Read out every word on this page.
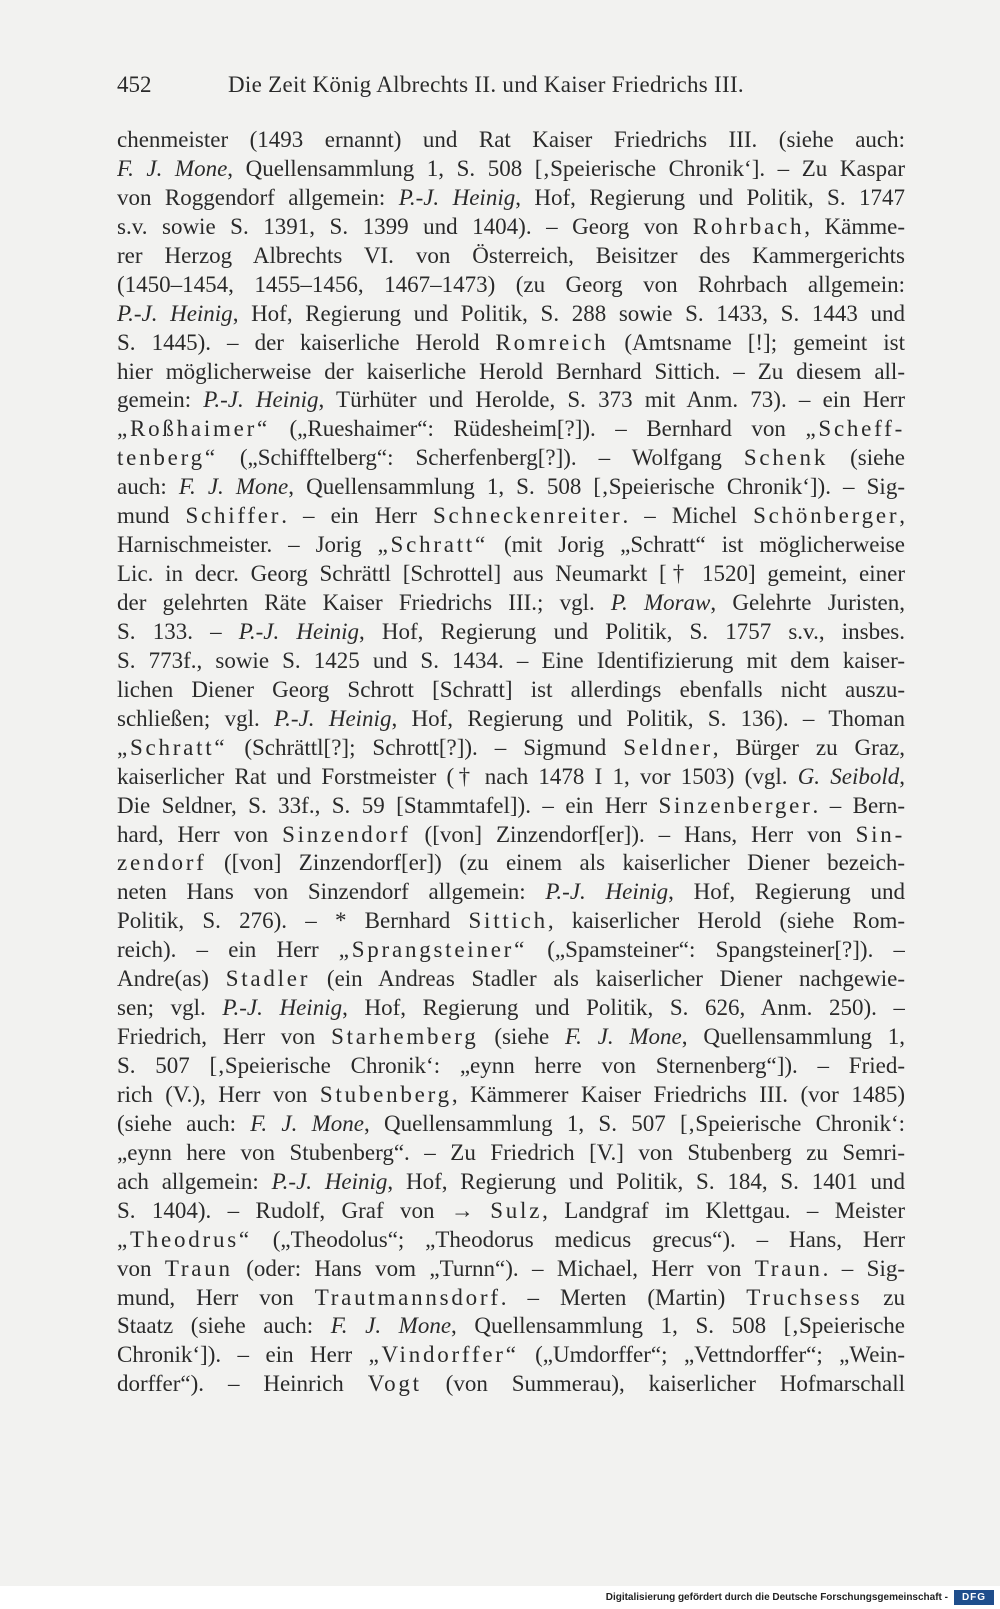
452	Die Zeit König Albrechts II. und Kaiser Friedrichs III.
chenmeister (1493 ernannt) und Rat Kaiser Friedrichs III. (siehe auch:
F. J. Mone, Quellensammlung 1, S. 508 [‚Speierische Chronik‘]. – Zu Kaspar
von Roggendorf allgemein: P.-J. Heinig, Hof, Regierung und Politik, S. 1747
s.v. sowie S. 1391, S. 1399 und 1404). – Georg von Rohrbach, Kämme-
rer Herzog Albrechts VI. von Österreich, Beisitzer des Kammergerichts
(1450–1454, 1455–1456, 1467–1473) (zu Georg von Rohrbach allgemein:
P.-J. Heinig, Hof, Regierung und Politik, S. 288 sowie S. 1433, S. 1443 und
S. 1445). – der kaiserliche Herold Romreich (Amtsname [!]; gemeint ist
hier möglicherweise der kaiserliche Herold Bernhard Sittich. – Zu diesem all-
gemein: P.-J. Heinig, Türhüter und Herolde, S. 373 mit Anm. 73). – ein Herr
„Roßhaimer“ („Rueshaimer“: Rüdesheim[?]). – Bernhard von „Scheff-
tenberg“ („Schifftelberg“: Scherfenberg[?]). – Wolfgang Schenk (siehe
auch: F. J. Mone, Quellensammlung 1, S. 508 [‚Speierische Chronik‘]). – Sig-
mund Schiffer. – ein Herr Schneckenreiter. – Michel Schönberger,
Harnischmeister. – Jorig „Schratt“ (mit Jorig „Schratt“ ist möglicherweise
Lic. in decr. Georg Schrättl [Schrottel] aus Neumarkt [† 1520] gemeint, einer
der gelehrten Räte Kaiser Friedrichs III.; vgl. P. Moraw, Gelehrte Juristen,
S. 133. – P.-J. Heinig, Hof, Regierung und Politik, S. 1757 s.v., insbes.
S. 773f., sowie S. 1425 und S. 1434. – Eine Identifizierung mit dem kaiser-
lichen Diener Georg Schrott [Schratt] ist allerdings ebenfalls nicht auszu-
schließen; vgl. P.-J. Heinig, Hof, Regierung und Politik, S. 136). – Thoman
„Schratt“ (Schrättl[?]; Schrott[?]). – Sigmund Seldner, Bürger zu Graz,
kaiserlicher Rat und Forstmeister († nach 1478 I 1, vor 1503) (vgl. G. Seibold,
Die Seldner, S. 33f., S. 59 [Stammtafel]). – ein Herr Sinzenberger. – Bern-
hard, Herr von Sinzendorf ([von] Zinzendorf[er]). – Hans, Herr von Sin-
zendorf ([von] Zinzendorf[er]) (zu einem als kaiserlicher Diener bezeich-
neten Hans von Sinzendorf allgemein: P.-J. Heinig, Hof, Regierung und
Politik, S. 276). – * Bernhard Sittich, kaiserlicher Herold (siehe Rom-
reich). – ein Herr „Sprangsteiner“ („Spamsteiner“: Spangsteiner[?]). –
Andre(as) Stadler (ein Andreas Stadler als kaiserlicher Diener nachgewie-
sen; vgl. P.-J. Heinig, Hof, Regierung und Politik, S. 626, Anm. 250). –
Friedrich, Herr von Starhemberg (siehe F. J. Mone, Quellensammlung 1,
S. 507 [‚Speierische Chronik‘: „eynn herre von Sternenberg“]). – Fried-
rich (V.), Herr von Stubenberg, Kämmerer Kaiser Friedrichs III. (vor 1485)
(siehe auch: F. J. Mone, Quellensammlung 1, S. 507 [‚Speierische Chronik‘:
„eynn here von Stubenberg“. – Zu Friedrich [V.] von Stubenberg zu Semri-
ach allgemein: P.-J. Heinig, Hof, Regierung und Politik, S. 184, S. 1401 und
S. 1404). – Rudolf, Graf von → Sulz, Landgraf im Klettgau. – Meister
„Theodrus“ („Theodolus“; „Theodorus medicus grecus“). – Hans, Herr
von Traun (oder: Hans vom „Turnn“). – Michael, Herr von Traun. – Sig-
mund, Herr von Trautmannsdorf. – Merten (Martin) Truchsess zu
Staatz (siehe auch: F. J. Mone, Quellensammlung 1, S. 508 [‚Speierische
Chronik‘]). – ein Herr „Vindorffer“ („Umdorffer“; „Vettndorffer“; „Wein-
dorffer“). – Heinrich Vogt (von Summerau), kaiserlicher Hofmarschall
Digitalisierung gefördert durch die Deutsche Forschungsgemeinschaft -	DFG
